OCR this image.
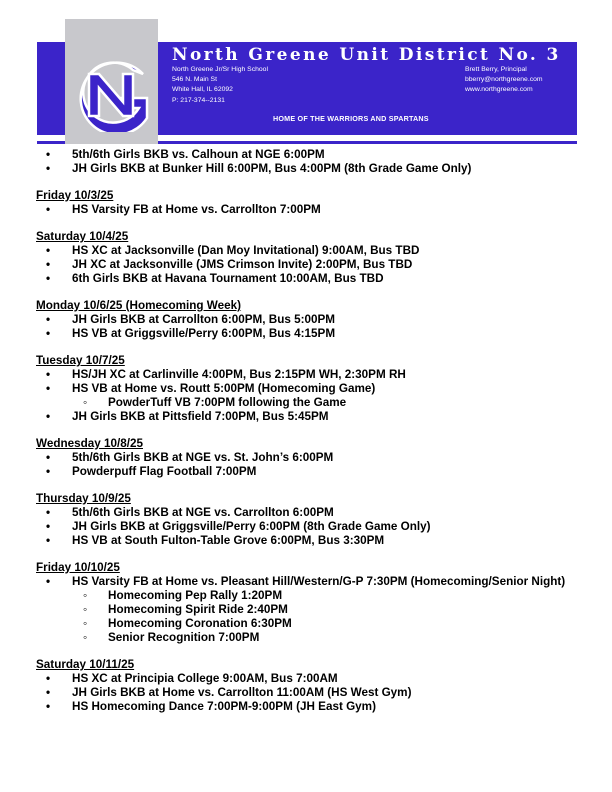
North Greene Unit District No. 3
North Greene Jr/Sr High School
546 N. Main St
White Hall, IL 62092
P: 217-374--2131
Brett Berry, Principal
bberry@northgreene.com
www.northgreene.com
HOME OF THE WARRIORS AND SPARTANS
• 5th/6th Girls BKB vs. Calhoun at NGE 6:00PM
• JH Girls BKB at Bunker Hill 6:00PM, Bus 4:00PM (8th Grade Game Only)
Friday 10/3/25
• HS Varsity FB at Home vs. Carrollton 7:00PM
Saturday 10/4/25
• HS XC at Jacksonville (Dan Moy Invitational) 9:00AM, Bus TBD
• JH XC at Jacksonville (JMS Crimson Invite) 2:00PM, Bus TBD
• 6th Girls BKB at Havana Tournament 10:00AM, Bus TBD
Monday 10/6/25 (Homecoming Week)
• JH Girls BKB at Carrollton 6:00PM, Bus 5:00PM
• HS VB at Griggsville/Perry 6:00PM, Bus 4:15PM
Tuesday 10/7/25
• HS/JH XC at Carlinville 4:00PM, Bus 2:15PM WH, 2:30PM RH
• HS VB at Home vs. Routt 5:00PM (Homecoming Game)
◦ PowderTuff VB 7:00PM following the Game
• JH Girls BKB at Pittsfield 7:00PM, Bus 5:45PM
Wednesday 10/8/25
• 5th/6th Girls BKB at NGE vs. St. John’s 6:00PM
• Powderpuff Flag Football 7:00PM
Thursday 10/9/25
• 5th/6th Girls BKB at NGE vs. Carrollton 6:00PM
• JH Girls BKB at Griggsville/Perry 6:00PM (8th Grade Game Only)
• HS VB at South Fulton-Table Grove 6:00PM, Bus 3:30PM
Friday 10/10/25
• HS Varsity FB at Home vs. Pleasant Hill/Western/G-P 7:30PM (Homecoming/Senior Night)
◦ Homecoming Pep Rally 1:20PM
◦ Homecoming Spirit Ride 2:40PM
◦ Homecoming Coronation 6:30PM
◦ Senior Recognition 7:00PM
Saturday 10/11/25
• HS XC at Principia College 9:00AM, Bus 7:00AM
• JH Girls BKB at Home vs. Carrollton 11:00AM (HS West Gym)
• HS Homecoming Dance 7:00PM-9:00PM (JH East Gym)
